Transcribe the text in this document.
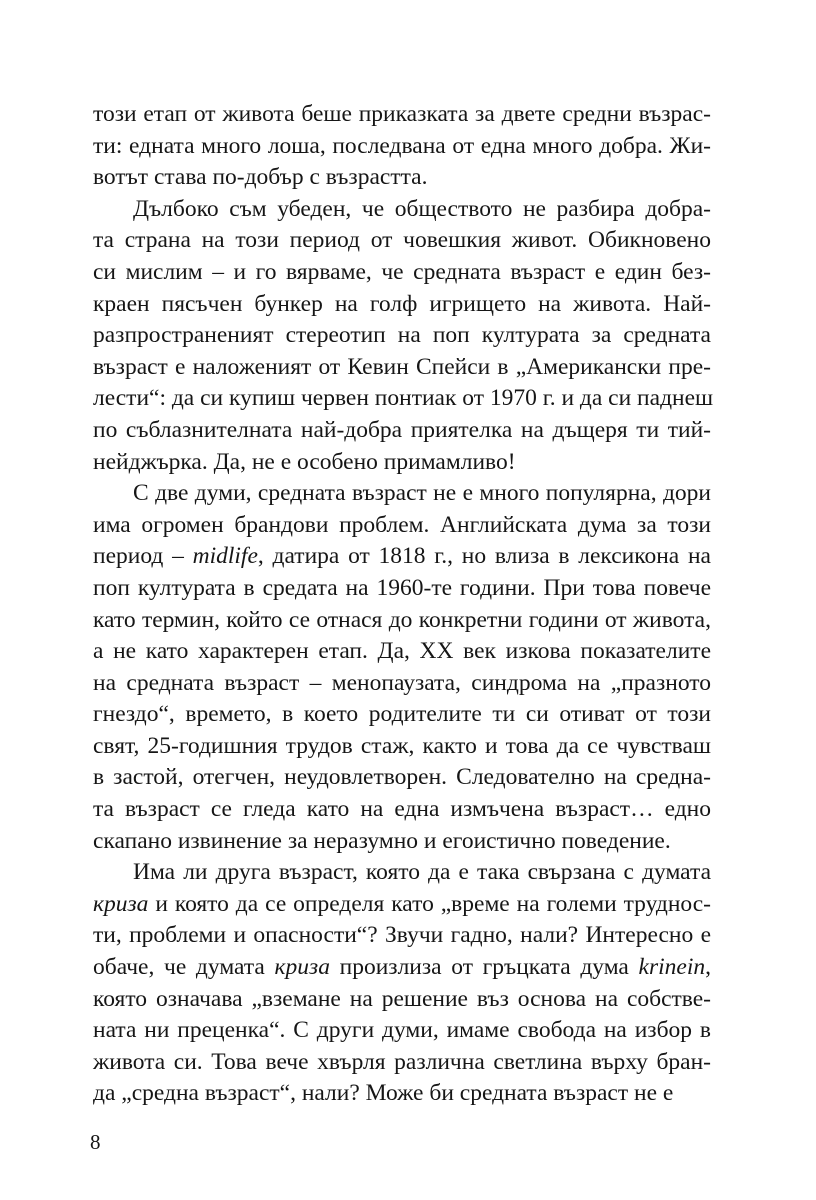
този етап от живота беше приказката за двете средни възрас-
ти: едната много лоша, последвана от една много добра. Жи-
вотът става по-добър с възрастта.
Дълбоко съм убеден, че обществото не разбира добра-
та страна на този период от човешкия живот. Обикновено
си мислим – и го вярваме, че средната възраст е един без-
краен пясъчен бункер на голф игрището на живота. Най-
разпространеният стереотип на поп културата за средната
възраст е наложеният от Кевин Спейси в „Американски пре-
лести“: да си купиш червен понтиак от 1970 г. и да си паднеш
по съблазнителната най-добра приятелка на дъщеря ти тий-
нейджърка. Да, не е особено примамливо!
С две думи, средната възраст не е много популярна, дори
има огромен брандови проблем. Английската дума за този
период – midlife, датира от 1818 г., но влиза в лексикона на
поп културата в средата на 1960-те години. При това повече
като термин, който се отнася до конкретни години от живота,
а не като характерен етап. Да, XX век изкова показателите
на средната възраст – менопаузата, синдрома на „празното
гнездо“, времето, в което родителите ти си отиват от този
свят, 25-годишния трудов стаж, както и това да се чувстваш
в застой, отегчен, неудовлетворен. Следователно на средна-
та възраст се гледа като на една измъчена възраст… едно
скапано извинение за неразумно и егоистично поведение.
Има ли друга възраст, която да е така свързана с думата
криза и която да се определя като „време на големи труднос-
ти, проблеми и опасности“? Звучи гадно, нали? Интересно е
обаче, че думата криза произлиза от гръцката дума krinein,
която означава „вземане на решение въз основа на собстве-
ната ни преценка“. С други думи, имаме свобода на избор в
живота си. Това вече хвърля различна светлина върху бран-
да „средна възраст“, нали? Може би средната възраст не е
8
